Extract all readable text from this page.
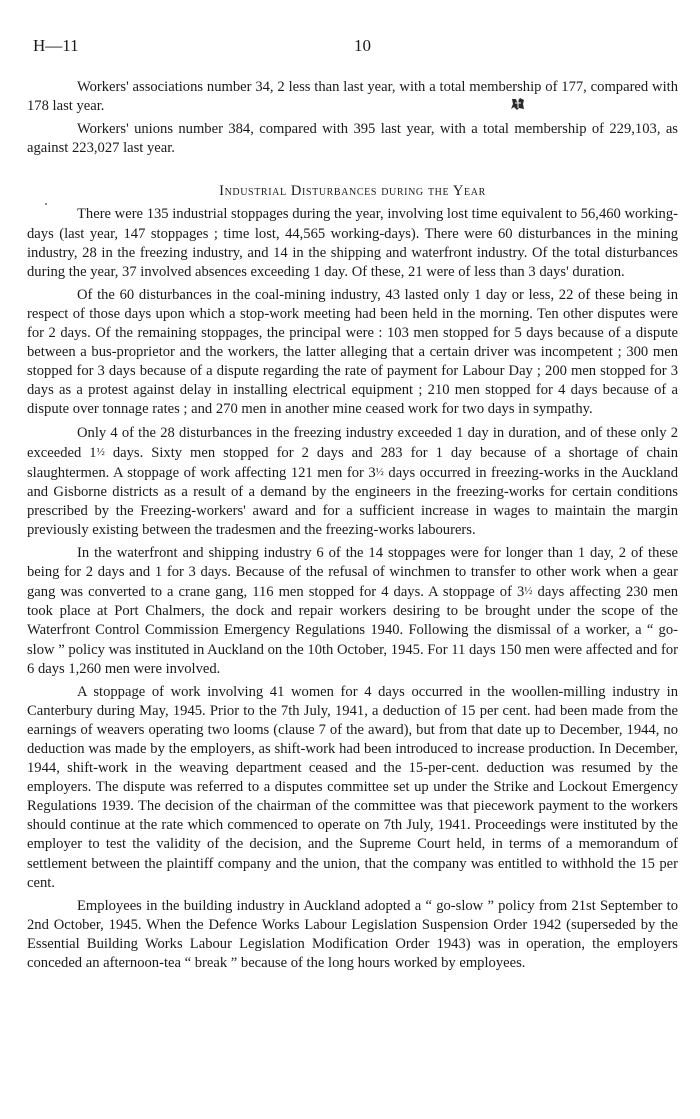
H—11	10

Workers' associations number 34, 2 less than last year, with a total membership of 177, compared with 178 last year.

Workers' unions number 384, compared with 395 last year, with a total membership of 229,103, as against 223,027 last year.

Industrial Disturbances during the Year

There were 135 industrial stoppages during the year, involving lost time equivalent to 56,460 working-days (last year, 147 stoppages ; time lost, 44,565 working-days). There were 60 disturbances in the mining industry, 28 in the freezing industry, and 14 in the shipping and waterfront industry. Of the total disturbances during the year, 37 involved absences exceeding 1 day. Of these, 21 were of less than 3 days' duration.

Of the 60 disturbances in the coal-mining industry, 43 lasted only 1 day or less, 22 of these being in respect of those days upon which a stop-work meeting had been held in the morning. Ten other disputes were for 2 days. Of the remaining stoppages, the principal were : 103 men stopped for 5 days because of a dispute between a bus-proprietor and the workers, the latter alleging that a certain driver was incompetent ; 300 men stopped for 3 days because of a dispute regarding the rate of payment for Labour Day ; 200 men stopped for 3 days as a protest against delay in installing electrical equipment ; 210 men stopped for 4 days because of a dispute over tonnage rates ; and 270 men in another mine ceased work for two days in sympathy.

Only 4 of the 28 disturbances in the freezing industry exceeded 1 day in duration, and of these only 2 exceeded 1½ days. Sixty men stopped for 2 days and 283 for 1 day because of a shortage of chain slaughtermen. A stoppage of work affecting 121 men for 3½ days occurred in freezing-works in the Auckland and Gisborne districts as a result of a demand by the engineers in the freezing-works for certain conditions prescribed by the Freezing-workers' award and for a sufficient increase in wages to maintain the margin previously existing between the tradesmen and the freezing-works labourers.

In the waterfront and shipping industry 6 of the 14 stoppages were for longer than 1 day, 2 of these being for 2 days and 1 for 3 days. Because of the refusal of winchmen to transfer to other work when a gear gang was converted to a crane gang, 116 men stopped for 4 days. A stoppage of 3½ days affecting 230 men took place at Port Chalmers, the dock and repair workers desiring to be brought under the scope of the Waterfront Control Commission Emergency Regulations 1940. Following the dismissal of a worker, a “ go-slow ” policy was instituted in Auckland on the 10th October, 1945. For 11 days 150 men were affected and for 6 days 1,260 men were involved.

A stoppage of work involving 41 women for 4 days occurred in the woollen-milling industry in Canterbury during May, 1945. Prior to the 7th July, 1941, a deduction of 15 per cent. had been made from the earnings of weavers operating two looms (clause 7 of the award), but from that date up to December, 1944, no deduction was made by the employers, as shift-work had been introduced to increase production. In December, 1944, shift-work in the weaving department ceased and the 15-per-cent. deduction was resumed by the employers. The dispute was referred to a disputes committee set up under the Strike and Lockout Emergency Regulations 1939. The decision of the chairman of the committee was that piecework payment to the workers should continue at the rate which commenced to operate on 7th July, 1941. Proceedings were instituted by the employer to test the validity of the decision, and the Supreme Court held, in terms of a memorandum of settlement between the plaintiff company and the union, that the company was entitled to withhold the 15 per cent.

Employees in the building industry in Auckland adopted a “ go-slow ” policy from 21st September to 2nd October, 1945. When the Defence Works Labour Legislation Suspension Order 1942 (superseded by the Essential Building Works Labour Legislation Modification Order 1943) was in operation, the employers conceded an afternoon-tea “ break ” because of the long hours worked by employees.
